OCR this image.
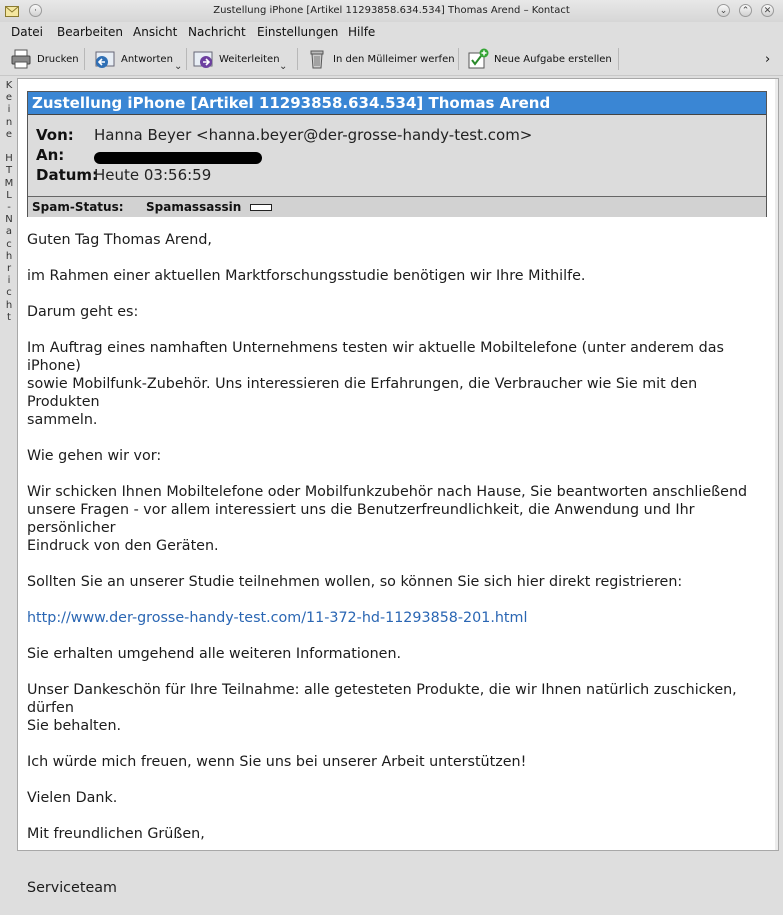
·	Zustellung iPhone [Artikel 11293858.634.534] Thomas Arend – Kontact	⌄	⌃	✕
Datei Bearbeiten Ansicht Nachricht Einstellungen Hilfe
Drucken	Antworten
⌄
Weiterleiten
⌄
In den Mülleimer werfen	Neue Aufgabe erstellen	›
K
e
i
n
e

H
T
M
L
-
N
a
c
h
r
i
c
h
t
Zustellung iPhone [Artikel 11293858.634.534] Thomas Arend
Von: Hanna Beyer <hanna.beyer@der-grosse-handy-test.com>
An:
Datum:
Heute 03:56:59
Spam-Status: Spamassassin

Guten Tag Thomas Arend,

im Rahmen einer aktuellen Marktforschungsstudie benötigen wir Ihre Mithilfe.

Darum geht es:

Im Auftrag eines namhaften Unternehmens testen wir aktuelle Mobiltelefone (unter anderem das iPhone)
sowie Mobilfunk-Zubehör. Uns interessieren die Erfahrungen, die Verbraucher wie Sie mit den Produkten
sammeln.

Wie gehen wir vor:

Wir schicken Ihnen Mobiltelefone oder Mobilfunkzubehör nach Hause, Sie beantworten anschließend
unsere Fragen - vor allem interessiert uns die Benutzerfreundlichkeit, die Anwendung und Ihr persönlicher
Eindruck von den Geräten.

Sollten Sie an unserer Studie teilnehmen wollen, so können Sie sich hier direkt registrieren:

http://www.der-grosse-handy-test.com/11-372-hd-11293858-201.html

Sie erhalten umgehend alle weiteren Informationen.

Unser Dankeschön für Ihre Teilnahme: alle getesteten Produkte, die wir Ihnen natürlich zuschicken, dürfen
Sie behalten.

Ich würde mich freuen, wenn Sie uns bei unserer Arbeit unterstützen!

Vielen Dank.

Mit freundlichen Grüßen,

Serviceteam
